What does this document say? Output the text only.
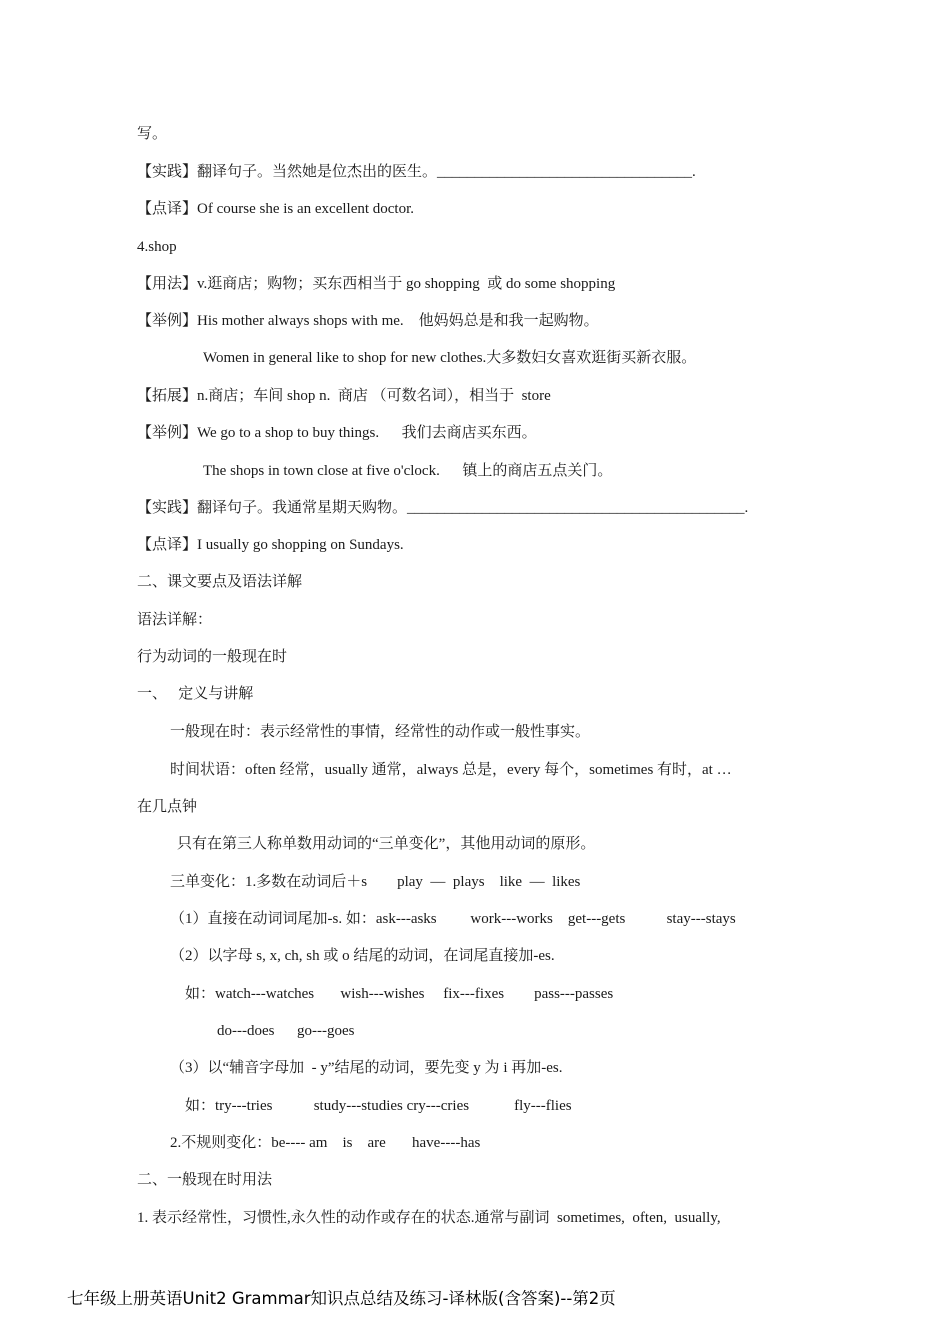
写。
【实践】翻译句子。当然她是位杰出的医生。__________________________________.
【点译】Of course she is an excellent doctor.
4.shop
【用法】v.逛商店；购物；买东西相当于 go shopping  或 do some shopping
【举例】His mother always shops with me.    他妈妈总是和我一起购物。
Women in general like to shop for new clothes.大多数妇女喜欢逛街买新衣服。
【拓展】n.商店；车间 shop n.  商店 （可数名词），相当于  store
【举例】We go to a shop to buy things.      我们去商店买东西。
The shops in town close at five o'clock.      镇上的商店五点关门。
【实践】翻译句子。我通常星期天购物。_____________________________________________.
【点译】I usually go shopping on Sundays.
二、课文要点及语法详解
语法详解：
行为动词的一般现在时
一、   定义与讲解
一般现在时：表示经常性的事情，经常性的动作或一般性事实。
时间状语：often 经常，usually 通常，always 总是，every 每个，sometimes 有时，at …
在几点钟
只有在第三人称单数用动词的“三单变化”，其他用动词的原形。
三单变化：1.多数在动词后＋s        play  —  plays    like  —  likes
（1）直接在动词词尾加-s. 如：ask---asks         work---works    get---gets           stay---stays
（2）以字母 s, x, ch, sh 或 o 结尾的动词，在词尾直接加-es.
如：watch---watches       wish---wishes     fix---fixes        pass---passes
do---does      go---goes
（3）以“辅音字母加  - y”结尾的动词，要先变 y 为 i 再加-es.
如：try---tries           study---studies cry---cries            fly---flies
2.不规则变化：be---- am    is    are       have----has
二、一般现在时用法
1. 表示经常性，习惯性,永久性的动作或存在的状态.通常与副词  sometimes,  often,  usually,
七年级上册英语Unit2 Grammar知识点总结及练习-译林版(含答案)--第2页
